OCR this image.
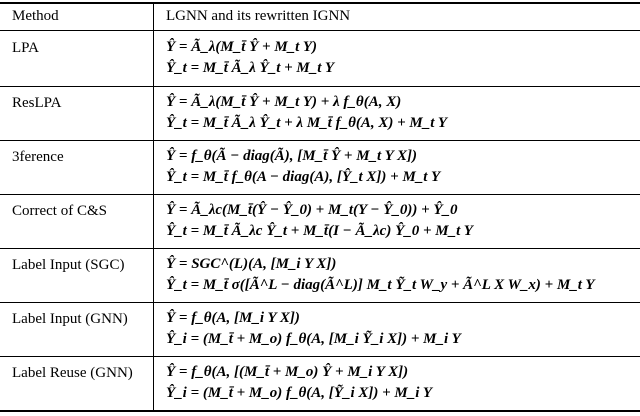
Method	LGNN and its rewritten IGNN
LPA	Ŷ = Ã_λ(M_t̄ Ŷ + M_t Y)
Ŷ_t = M_t̄ Ã_λ Ŷ_t + M_t Y
ResLPA	Ŷ = Ã_λ(M_t̄ Ŷ + M_t Y) + λ f_θ(A, X)
Ŷ_t = M_t̄ Ã_λ Ŷ_t + λ M_t̄ f_θ(A, X) + M_t Y
3ference	Ŷ = f_θ(Ã − diag(Ã), [M_t̄ Ŷ + M_t Y X])
Ŷ_t = M_t̄ f_θ(A − diag(A), [Ŷ_t X]) + M_t Y
Correct of C&S	Ŷ = Ã_λc(M_t̄(Ŷ − Ŷ_0) + M_t(Y − Ŷ_0)) + Ŷ_0
Ŷ_t = M_t̄ Ã_λc Ŷ_t + M_t̄(I − Ã_λc) Ŷ_0 + M_t Y
Label Input (SGC)	Ŷ = SGC^(L)(A, [M_i Y X])
Ŷ_t = M_t̄ σ([Ã^L − diag(Ã^L)] M_t Ỹ_t W_y + Ã^L X W_x) + M_t Y
Label Input (GNN)	Ŷ = f_θ(A, [M_i Y X])
Ŷ_i = (M_t̄ + M_o) f_θ(A, [M_i Ỹ_i X]) + M_i Y
Label Reuse (GNN) Ŷ = f_θ(A, [(M_t̄ + M_o) Ŷ + M_i Y X])
Ŷ_i = (M_t̄ + M_o) f_θ(A, [Ỹ_i X]) + M_i Y
